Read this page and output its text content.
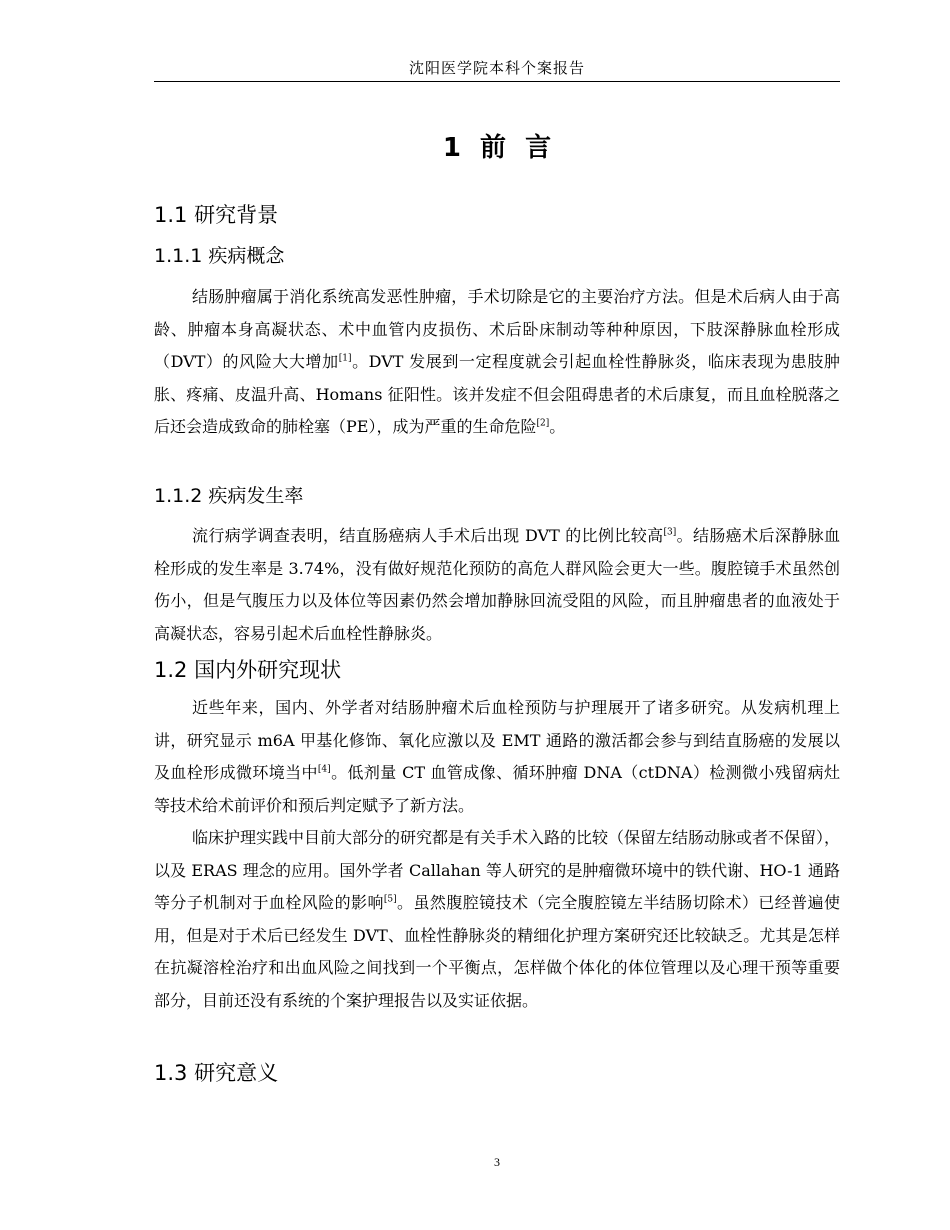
沈阳医学院本科个案报告
1 前 言
1.1 研究背景
1.1.1 疾病概念

结肠肿瘤属于消化系统高发恶性肿瘤，手术切除是它的主要治疗方法。但是术后病人由于高龄、肿瘤本身高凝状态、术中血管内皮损伤、术后卧床制动等种种原因，下肢深静脉血栓形成（DVT）的风险大大增加[1]。DVT 发展到一定程度就会引起血栓性静脉炎，临床表现为患肢肿胀、疼痛、皮温升高、Homans 征阳性。该并发症不但会阻碍患者的术后康复，而且血栓脱落之后还会造成致命的肺栓塞（PE），成为严重的生命危险[2]。

1.1.2 疾病发生率

流行病学调查表明，结直肠癌病人手术后出现 DVT 的比例比较高[3]。结肠癌术后深静脉血栓形成的发生率是 3.74%，没有做好规范化预防的高危人群风险会更大一些。腹腔镜手术虽然创伤小，但是气腹压力以及体位等因素仍然会增加静脉回流受阻的风险，而且肿瘤患者的血液处于高凝状态，容易引起术后血栓性静脉炎。

1.2 国内外研究现状

近些年来，国内、外学者对结肠肿瘤术后血栓预防与护理展开了诸多研究。从发病机理上讲，研究显示 m6A 甲基化修饰、氧化应激以及 EMT 通路的激活都会参与到结直肠癌的发展以及血栓形成微环境当中[4]。低剂量 CT 血管成像、循环肿瘤 DNA（ctDNA）检测微小残留病灶等技术给术前评价和预后判定赋予了新方法。

临床护理实践中目前大部分的研究都是有关手术入路的比较（保留左结肠动脉或者不保留），以及 ERAS 理念的应用。国外学者 Callahan 等人研究的是肿瘤微环境中的铁代谢、HO-1 通路等分子机制对于血栓风险的影响[5]。虽然腹腔镜技术（完全腹腔镜左半结肠切除术）已经普遍使用，但是对于术后已经发生 DVT、血栓性静脉炎的精细化护理方案研究还比较缺乏。尤其是怎样在抗凝溶栓治疗和出血风险之间找到一个平衡点，怎样做个体化的体位管理以及心理干预等重要部分，目前还没有系统的个案护理报告以及实证依据。

1.3 研究意义
3
